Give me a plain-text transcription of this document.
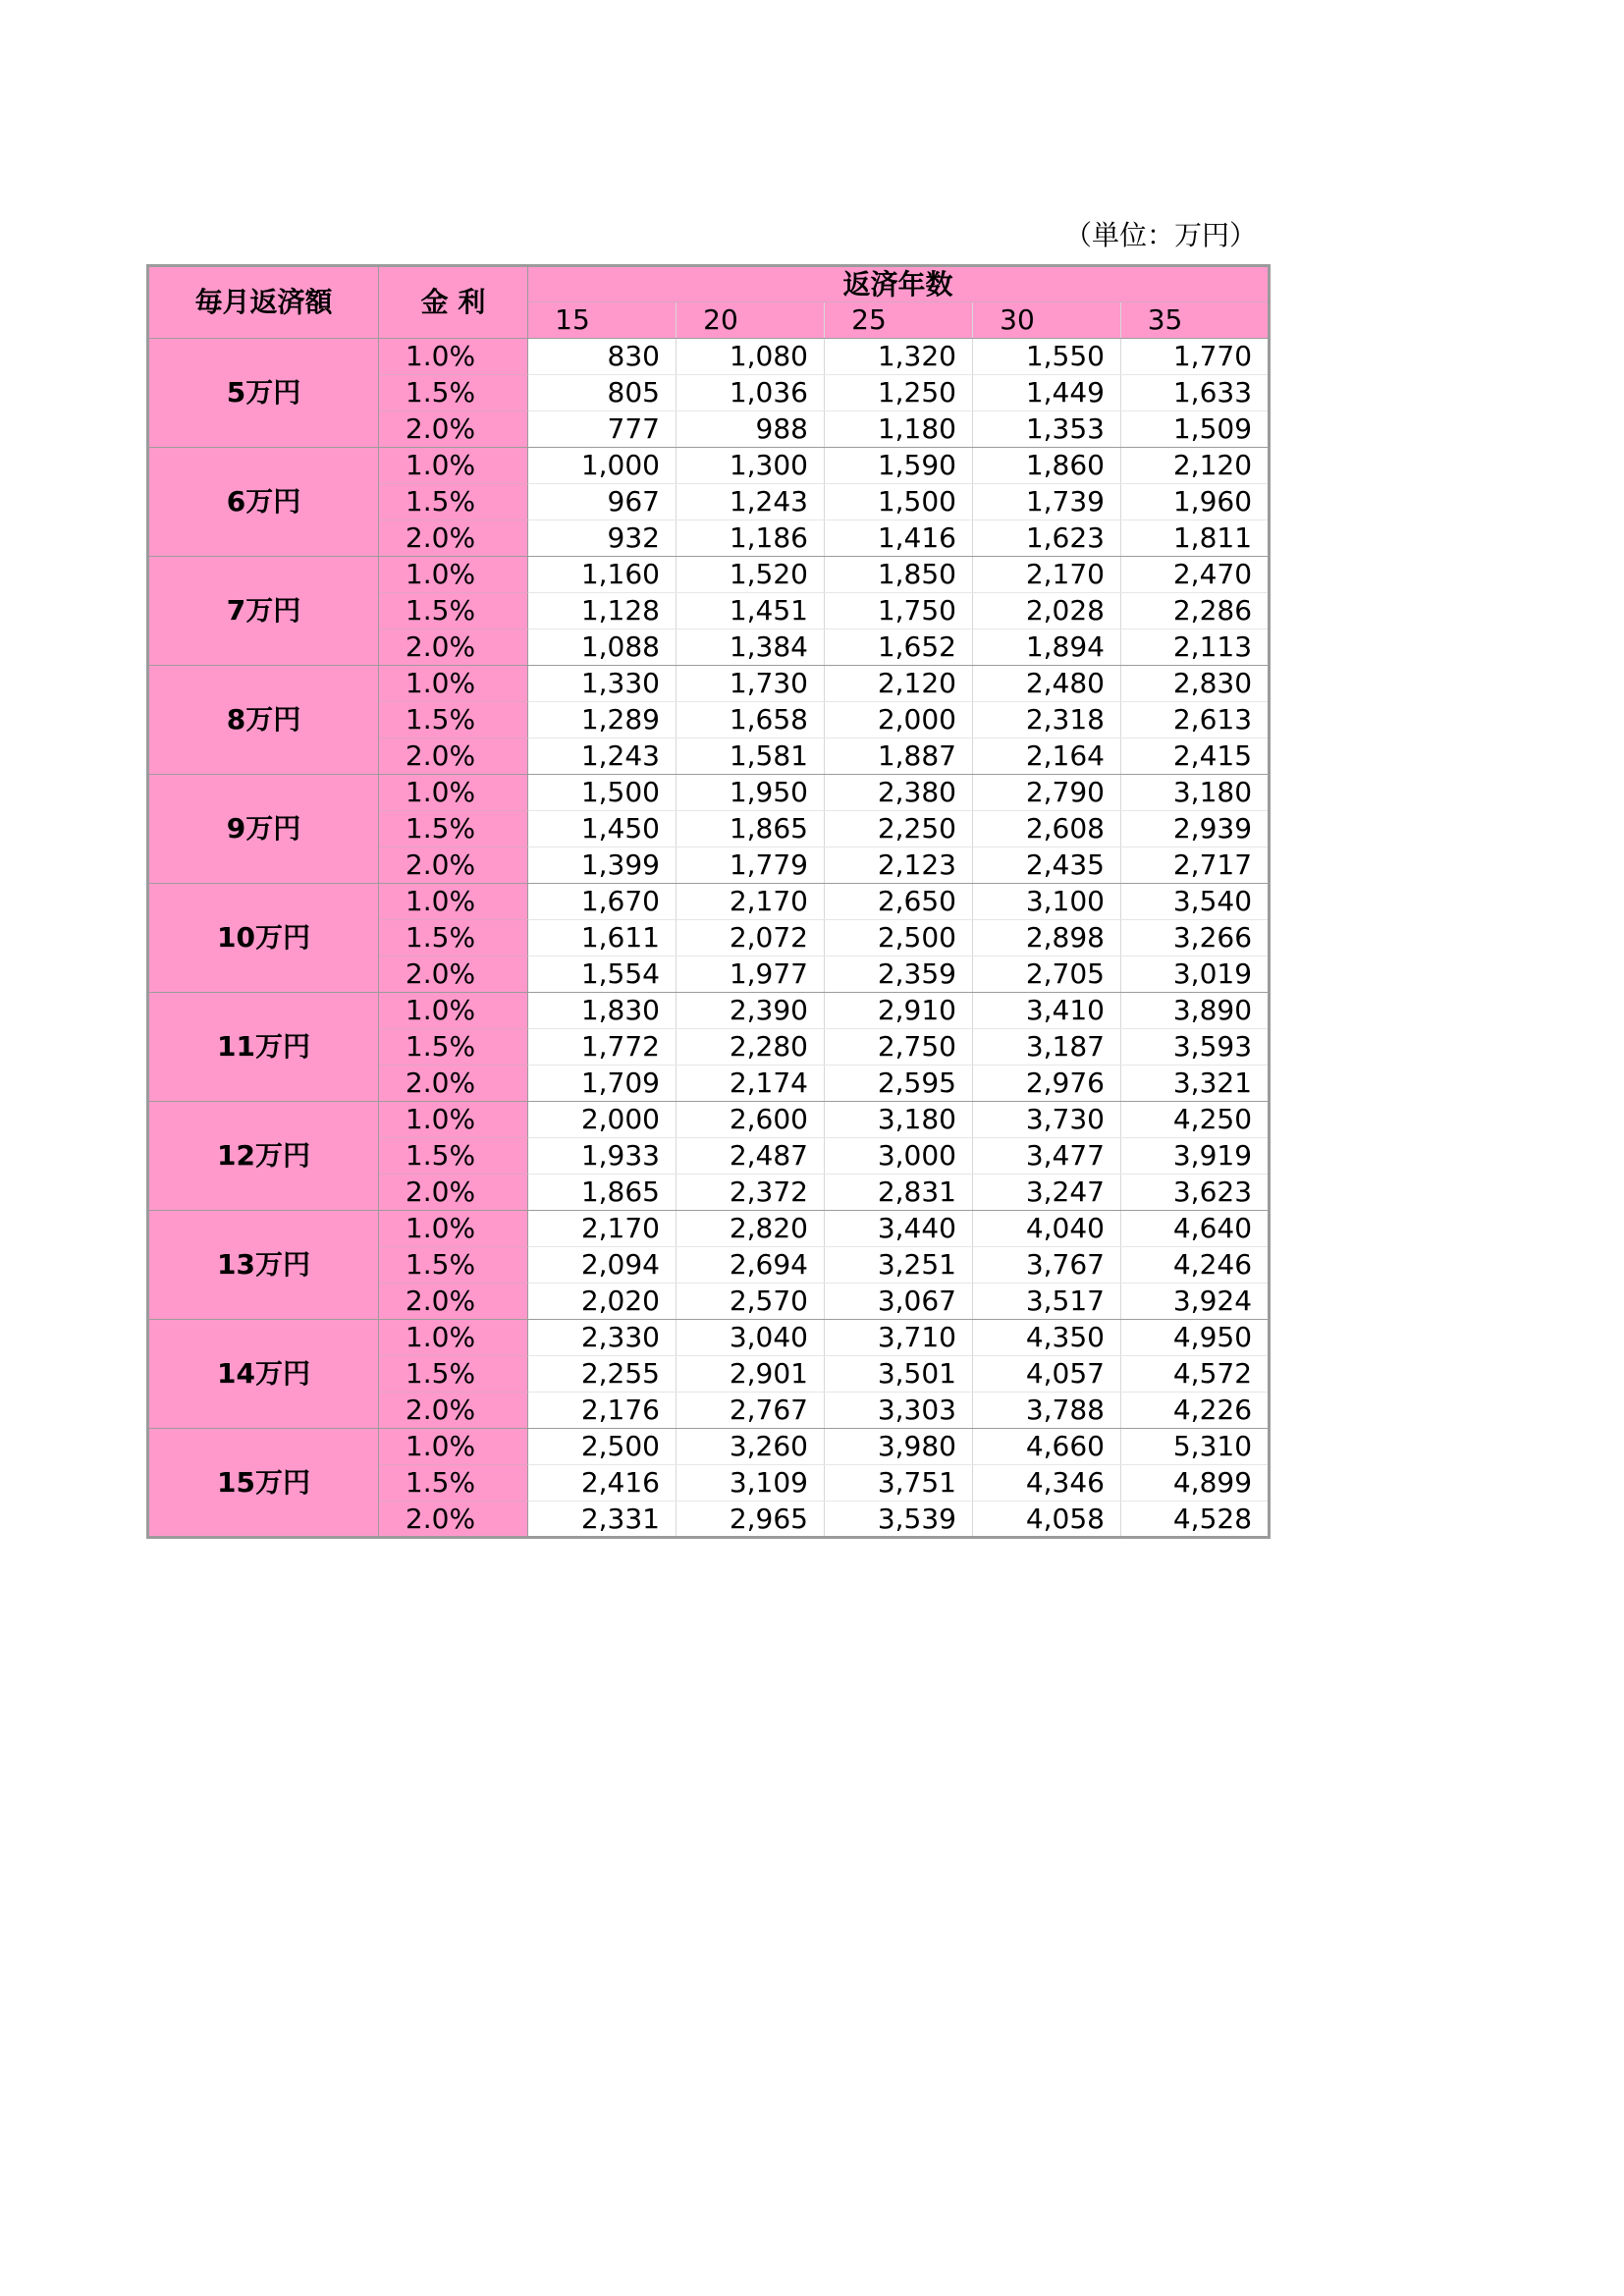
（単位：万円）
毎月返済額	金 利	返済年数				
		15	20	25	30	35
5万円	1.0%	830	1,080	1,320	1,550	1,770
	1.5%	805	1,036	1,250	1,449	1,633
	2.0%	777	988	1,180	1,353	1,509
6万円	1.0%	1,000	1,300	1,590	1,860	2,120
	1.5%	967	1,243	1,500	1,739	1,960
	2.0%	932	1,186	1,416	1,623	1,811
7万円	1.0%	1,160	1,520	1,850	2,170	2,470
	1.5%	1,128	1,451	1,750	2,028	2,286
	2.0%	1,088	1,384	1,652	1,894	2,113
8万円	1.0%	1,330	1,730	2,120	2,480	2,830
	1.5%	1,289	1,658	2,000	2,318	2,613
	2.0%	1,243	1,581	1,887	2,164	2,415
9万円	1.0%	1,500	1,950	2,380	2,790	3,180
	1.5%	1,450	1,865	2,250	2,608	2,939
	2.0%	1,399	1,779	2,123	2,435	2,717
10万円	1.0%	1,670	2,170	2,650	3,100	3,540
	1.5%	1,611	2,072	2,500	2,898	3,266
	2.0%	1,554	1,977	2,359	2,705	3,019
11万円	1.0%	1,830	2,390	2,910	3,410	3,890
	1.5%	1,772	2,280	2,750	3,187	3,593
	2.0%	1,709	2,174	2,595	2,976	3,321
12万円	1.0%	2,000	2,600	3,180	3,730	4,250
	1.5%	1,933	2,487	3,000	3,477	3,919
	2.0%	1,865	2,372	2,831	3,247	3,623
13万円	1.0%	2,170	2,820	3,440	4,040	4,640
	1.5%	2,094	2,694	3,251	3,767	4,246
	2.0%	2,020	2,570	3,067	3,517	3,924
14万円	1.0%	2,330	3,040	3,710	4,350	4,950
	1.5%	2,255	2,901	3,501	4,057	4,572
	2.0%	2,176	2,767	3,303	3,788	4,226
15万円	1.0%	2,500	3,260	3,980	4,660	5,310
	1.5%	2,416	3,109	3,751	4,346	4,899
	2.0%	2,331	2,965	3,539	4,058	4,528
